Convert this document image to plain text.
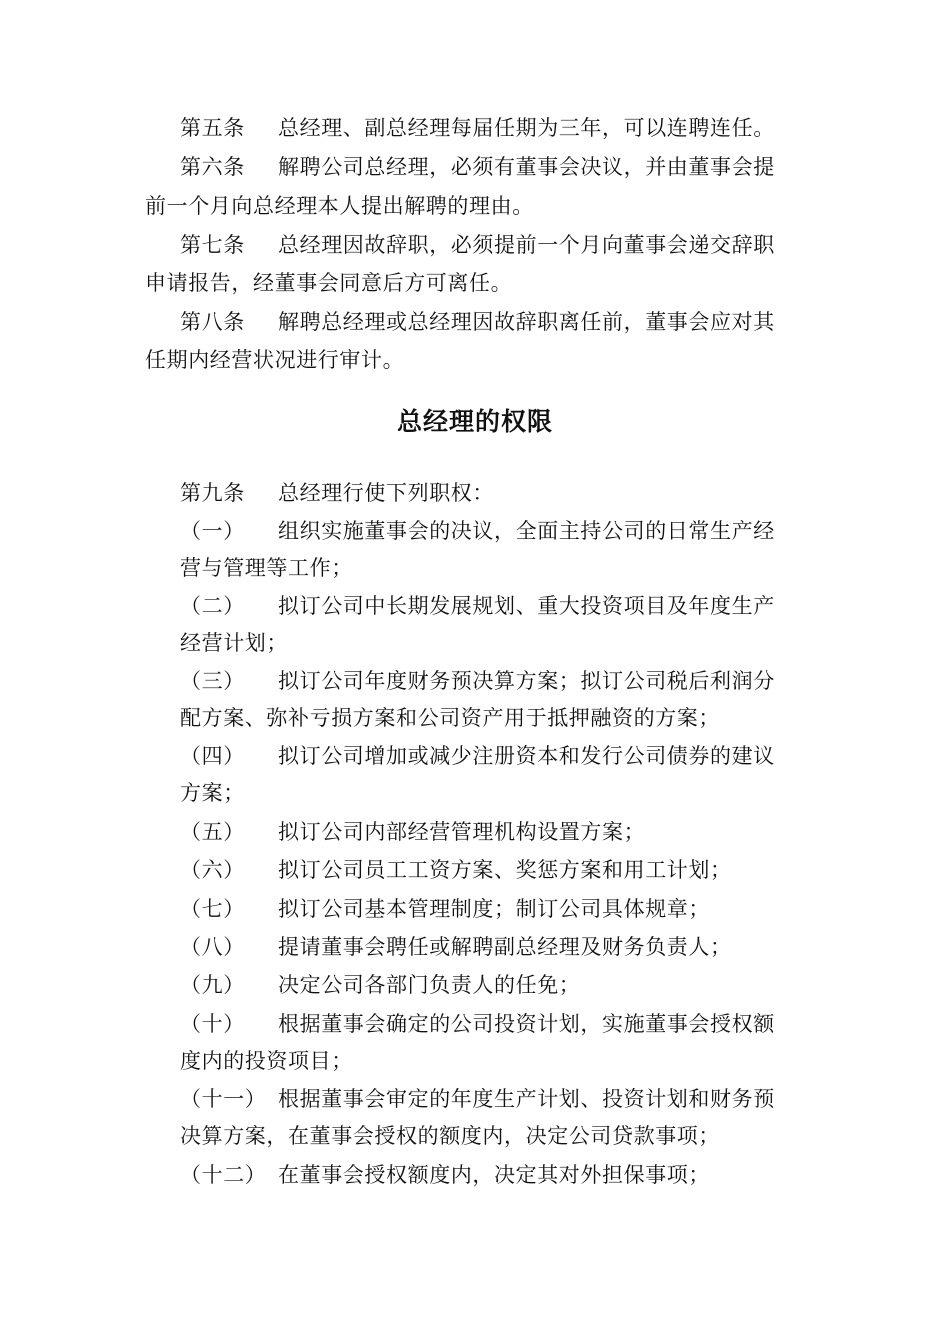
第五条 总经理、副总经理每届任期为三年，可以连聘连任。
第六条 解聘公司总经理，必须有董事会决议，并由董事会提
前一个月向总经理本人提出解聘的理由。
第七条 总经理因故辞职，必须提前一个月向董事会递交辞职
申请报告，经董事会同意后方可离任。
第八条 解聘总经理或总经理因故辞职离任前，董事会应对其
任期内经营状况进行审计。
总经理的权限
第九条 总经理行使下列职权：
（一） 组织实施董事会的决议，全面主持公司的日常生产经
营与管理等工作；
（二） 拟订公司中长期发展规划、重大投资项目及年度生产
经营计划；
（三） 拟订公司年度财务预决算方案；拟订公司税后利润分
配方案、弥补亏损方案和公司资产用于抵押融资的方案；
（四） 拟订公司增加或减少注册资本和发行公司债券的建议
方案；
（五） 拟订公司内部经营管理机构设置方案；
（六） 拟订公司员工工资方案、奖惩方案和用工计划；
（七） 拟订公司基本管理制度；制订公司具体规章；
（八） 提请董事会聘任或解聘副总经理及财务负责人；
（九） 决定公司各部门负责人的任免；
（十） 根据董事会确定的公司投资计划，实施董事会授权额
度内的投资项目；
（十一） 根据董事会审定的年度生产计划、投资计划和财务预
决算方案，在董事会授权的额度内，决定公司贷款事项；
（十二） 在董事会授权额度内，决定其对外担保事项；
